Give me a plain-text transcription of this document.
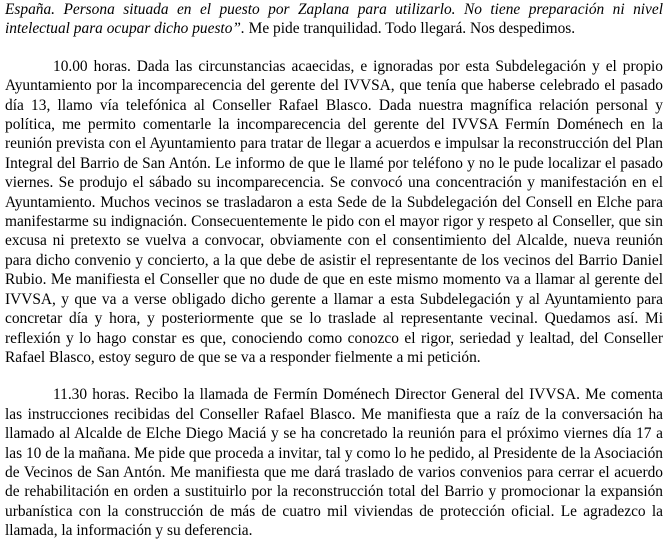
España. Persona situada en el puesto por Zaplana para utilizarlo. No tiene preparación ni nivel intelectual para ocupar dicho puesto”. Me pide tranquilidad. Todo llegará. Nos despedimos.

10.00 horas. Dada las circunstancias acaecidas, e ignoradas por esta Subdelegación y el propio Ayuntamiento por la incomparecencia del gerente del IVVSA, que tenía que haberse celebrado el pasado día 13, llamo vía telefónica al Conseller Rafael Blasco. Dada nuestra magnífica relación personal y política, me permito comentarle la incomparecencia del gerente del IVVSA Fermín Doménech en la reunión prevista con el Ayuntamiento para tratar de llegar a acuerdos e impulsar la reconstrucción del Plan Integral del Barrio de San Antón. Le informo de que le llamé por teléfono y no le pude localizar el pasado viernes. Se produjo el sábado su incomparecencia. Se convocó una concentración y manifestación en el Ayuntamiento. Muchos vecinos se trasladaron a esta Sede de la Subdelegación del Consell en Elche para manifestarme su indignación. Consecuentemente le pido con el mayor rigor y respeto al Conseller, que sin excusa ni pretexto se vuelva a convocar, obviamente con el consentimiento del Alcalde, nueva reunión para dicho convenio y concierto, a la que debe de asistir el representante de los vecinos del Barrio Daniel Rubio. Me manifiesta el Conseller que no dude de que en este mismo momento va a llamar al gerente del IVVSA, y que va a verse obligado dicho gerente a llamar a esta Subdelegación y al Ayuntamiento para concretar día y hora, y posteriormente que se lo traslade al representante vecinal. Quedamos así. Mi reflexión y lo hago constar es que, conociendo como conozco el rigor, seriedad y lealtad, del Conseller Rafael Blasco, estoy seguro de que se va a responder fielmente a mi petición.

11.30 horas. Recibo la llamada de Fermín Doménech Director General del IVVSA. Me comenta las instrucciones recibidas del Conseller Rafael Blasco. Me manifiesta que a raíz de la conversación ha llamado al Alcalde de Elche Diego Maciá y se ha concretado la reunión para el próximo viernes día 17 a las 10 de la mañana. Me pide que proceda a invitar, tal y como lo he pedido, al Presidente de la Asociación de Vecinos de San Antón. Me manifiesta que me dará traslado de varios convenios para cerrar el acuerdo de rehabilitación en orden a sustituirlo por la reconstrucción total del Barrio y promocionar la expansión urbanística con la construcción de más de cuatro mil viviendas de protección oficial. Le agradezco la llamada, la información y su deferencia.
